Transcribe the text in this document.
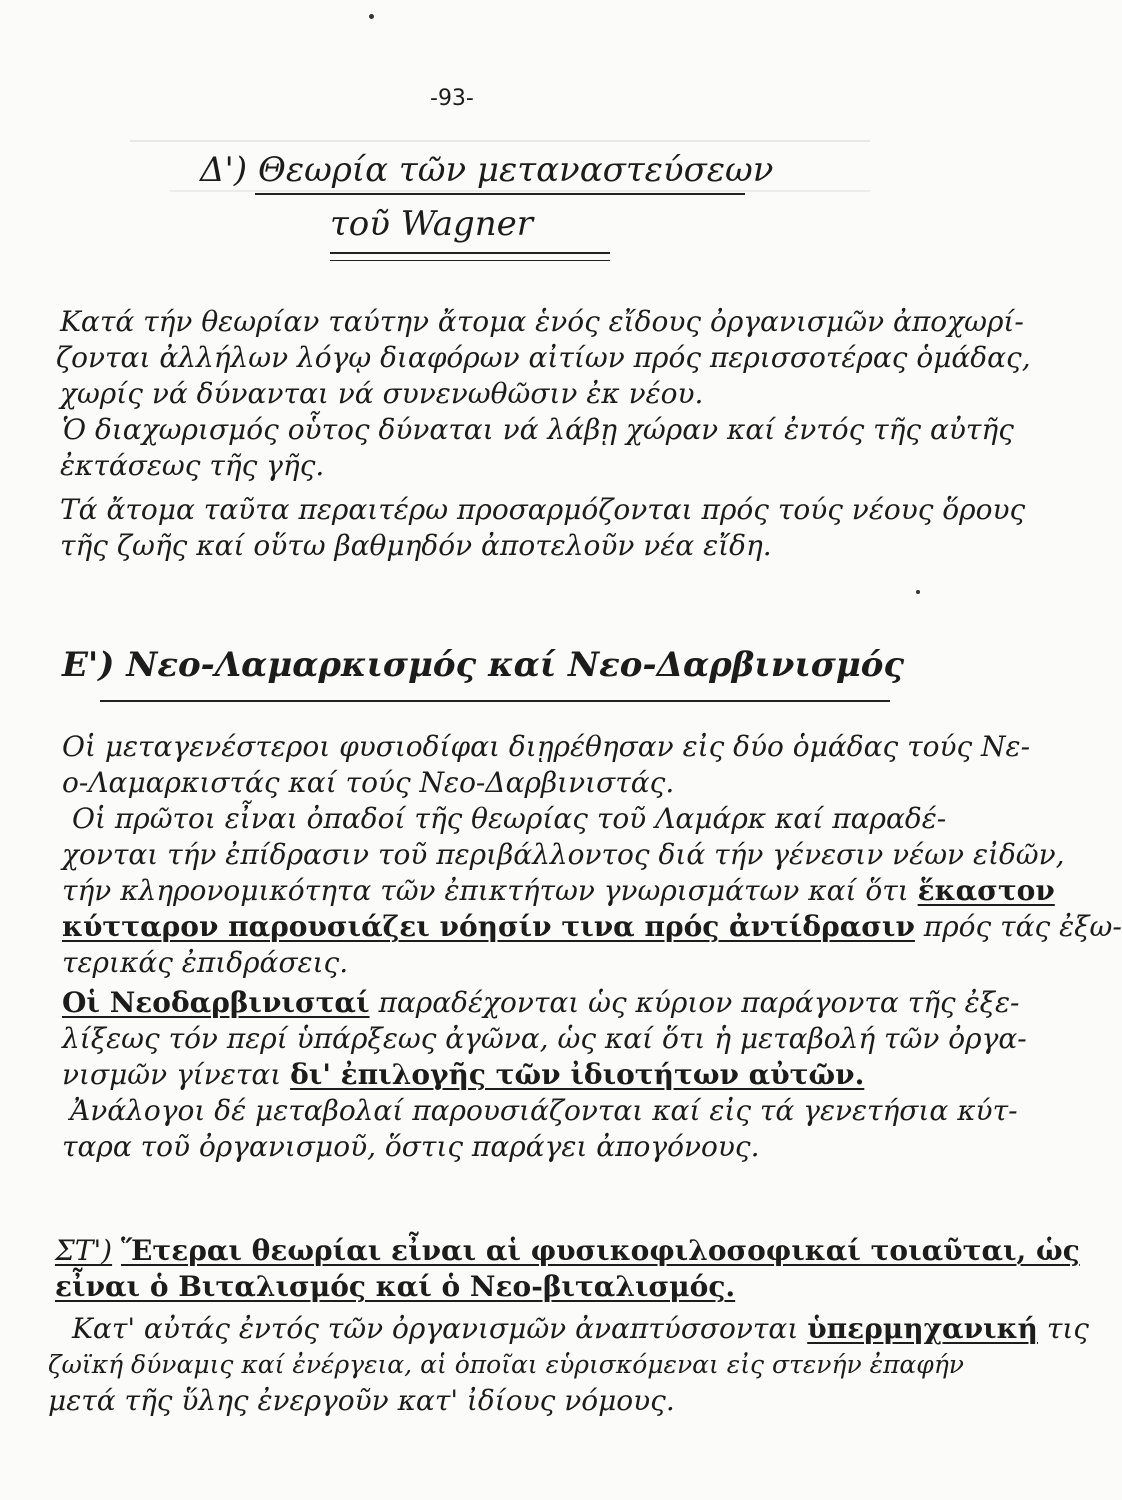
-93-
Δ') Θεωρία τῶν μεταναστεύσεων
τοῦ Wagner
Κατά τήν θεωρίαν ταύτην ἄτομα ἑνός εἴδους ὀργανισμῶν ἀποχωρί-
ζονται ἀλλήλων λόγῳ διαφόρων αἰτίων πρός περισσοτέρας ὁμάδας,
χωρίς νά δύνανται νά συνενωθῶσιν ἐκ νέου.
Ὁ διαχωρισμός οὗτος δύναται νά λάβῃ χώραν καί ἐντός τῆς αὐτῆς
ἐκτάσεως τῆς γῆς.
Τά ἄτομα ταῦτα περαιτέρω προσαρμόζονται πρός τούς νέους ὅρους
τῆς ζωῆς καί οὕτω βαθμηδόν ἀποτελοῦν νέα εἴδη.
Ε') Νεο-Λαμαρκισμός καί Νεο-Δαρβινισμός
Οἱ μεταγενέστεροι φυσιοδίφαι διῃρέθησαν εἰς δύο ὁμάδας τούς Νε-
ο-Λαμαρκιστάς καί τούς Νεο-Δαρβινιστάς.
Οἱ πρῶτοι εἶναι ὀπαδοί τῆς θεωρίας τοῦ Λαμάρκ καί παραδέ-
χονται τήν ἐπίδρασιν τοῦ περιβάλλοντος διά τήν γένεσιν νέων εἰδῶν,
τήν κληρονομικότητα τῶν ἐπικτήτων γνωρισμάτων καί ὅτι ἕκαστον
κύτταρον παρουσιάζει νόησίν τινα πρός ἀντίδρασιν πρός τάς ἐξω-
τερικάς ἐπιδράσεις.
Οἱ Νεοδαρβινισταί παραδέχονται ὡς κύριον παράγοντα τῆς ἐξε-
λίξεως τόν περί ὑπάρξεως ἀγῶνα, ὡς καί ὅτι ἡ μεταβολή τῶν ὀργα-
νισμῶν γίνεται δι' ἐπιλογῆς τῶν ἰδιοτήτων αὐτῶν.
Ἀνάλογοι δέ μεταβολαί παρουσιάζονται καί εἰς τά γενετήσια κύτ-
ταρα τοῦ ὀργανισμοῦ, ὅστις παράγει ἀπογόνους.
ΣΤ') Ἕτεραι θεωρίαι εἶναι αἱ φυσικοφιλοσοφικαί τοιαῦται, ὡς
εἶναι ὁ Βιταλισμός καί ὁ Νεο-βιταλισμός.
Κατ' αὐτάς ἐντός τῶν ὀργανισμῶν ἀναπτύσσονται ὑπερμηχανική τις
ζωϊκή δύναμις καί ἐνέργεια, αἱ ὁποῖαι εὑρισκόμεναι εἰς στενήν ἐπαφήν
μετά τῆς ὕλης ἐνεργοῦν κατ' ἰδίους νόμους.
